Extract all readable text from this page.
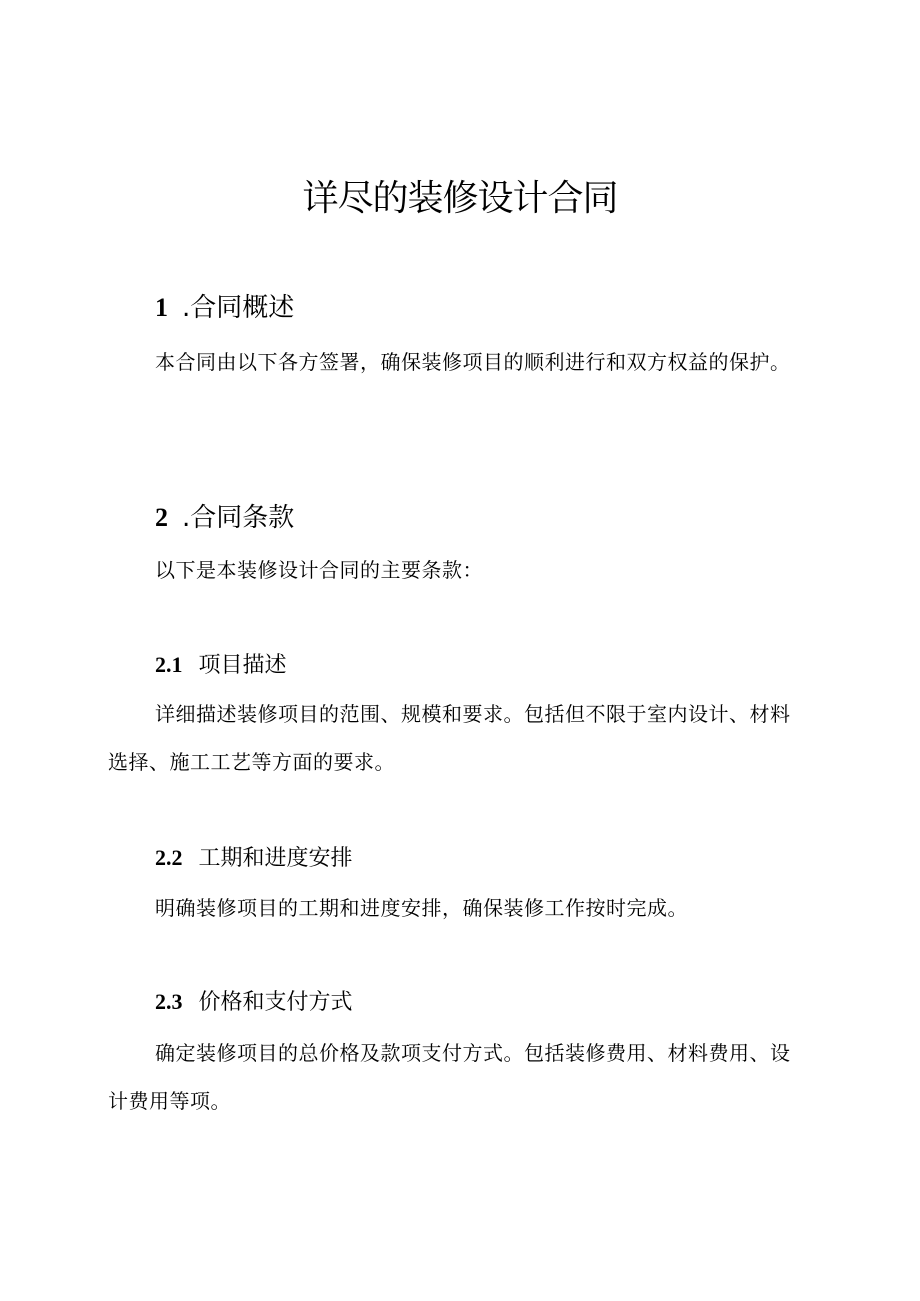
详尽的装修设计合同
1 .合同概述

本合同由以下各方签署，确保装修项目的顺利进行和双方权益的保护。

2 .合同条款

以下是本装修设计合同的主要条款：

2.1 项目描述

详细描述装修项目的范围、规模和要求。包括但不限于室内设计、材料选择、施工工艺等方面的要求。

2.2 工期和进度安排

明确装修项目的工期和进度安排，确保装修工作按时完成。

2.3 价格和支付方式

确定装修项目的总价格及款项支付方式。包括装修费用、材料费用、设计费用等项。
